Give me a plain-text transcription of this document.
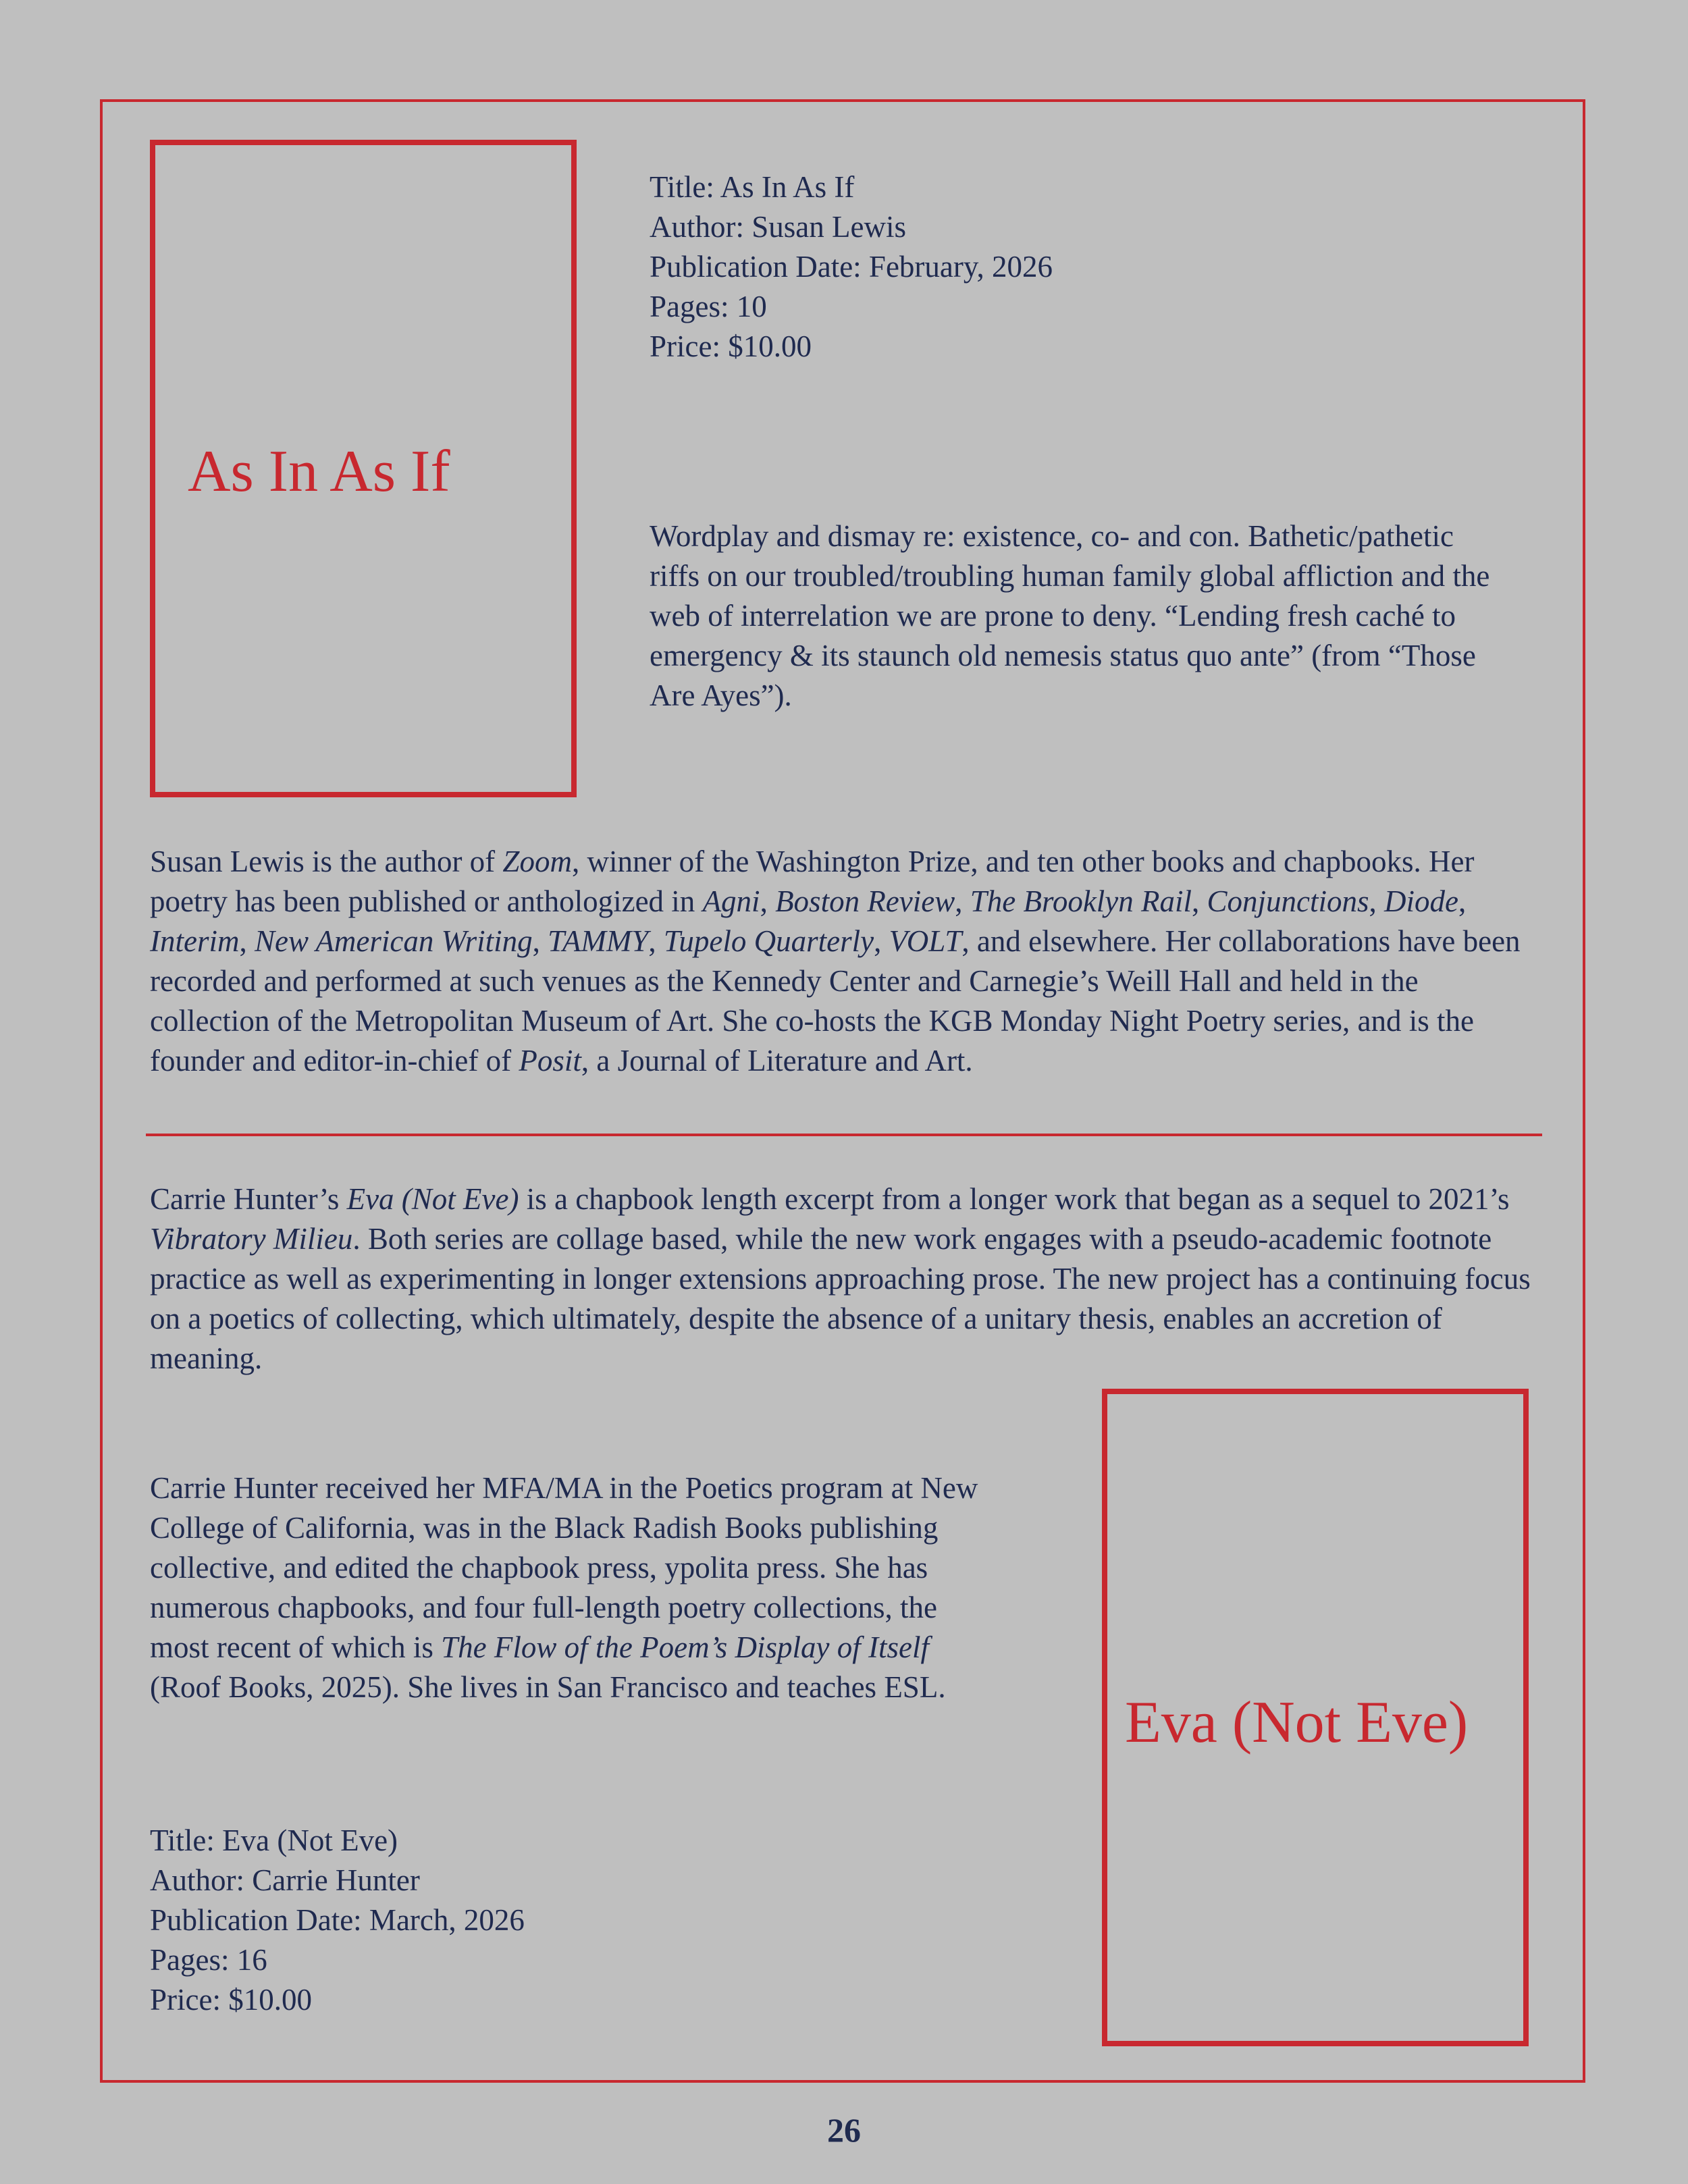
As In As If
Title: As In As If
Author: Susan Lewis
Publication Date: February, 2026
Pages: 10
Price: $10.00

Wordplay and dismay re: existence, co- and con. Bathetic/pathetic riffs on our troubled/troubling human family global affliction and the web of interrelation we are prone to deny. “Lending fresh caché to emergency & its staunch old nemesis status quo ante” (from “Those Are Ayes”).

Susan Lewis is the author of Zoom, winner of the Washington Prize, and ten other books and chapbooks. Her poetry has been published or anthologized in Agni, Boston Review, The Brooklyn Rail, Conjunctions, Diode, Interim, New American Writing, TAMMY, Tupelo Quarterly, VOLT, and elsewhere. Her collaborations have been recorded and performed at such venues as the Kennedy Center and Carnegie’s Weill Hall and held in the collection of the Metropolitan Museum of Art. She co-hosts the KGB Monday Night Poetry series, and is the founder and editor-in-chief of Posit, a Journal of Literature and Art.

Carrie Hunter’s Eva (Not Eve) is a chapbook length excerpt from a longer work that began as a sequel to 2021’s Vibratory Milieu. Both series are collage based, while the new work engages with a pseudo-academic footnote practice as well as experimenting in longer extensions approaching prose. The new project has a continuing focus on a poetics of collecting, which ultimately, despite the absence of a unitary thesis, enables an accretion of meaning.

Carrie Hunter received her MFA/MA in the Poetics program at New College of California, was in the Black Radish Books publishing collective, and edited the chapbook press, ypolita press. She has numerous chapbooks, and four full-length poetry collections, the most recent of which is The Flow of the Poem’s Display of Itself (Roof Books, 2025). She lives in San Francisco and teaches ESL.

Title: Eva (Not Eve)
Author: Carrie Hunter
Publication Date: March, 2026
Pages: 16
Price: $10.00
Eva (Not Eve)
26
